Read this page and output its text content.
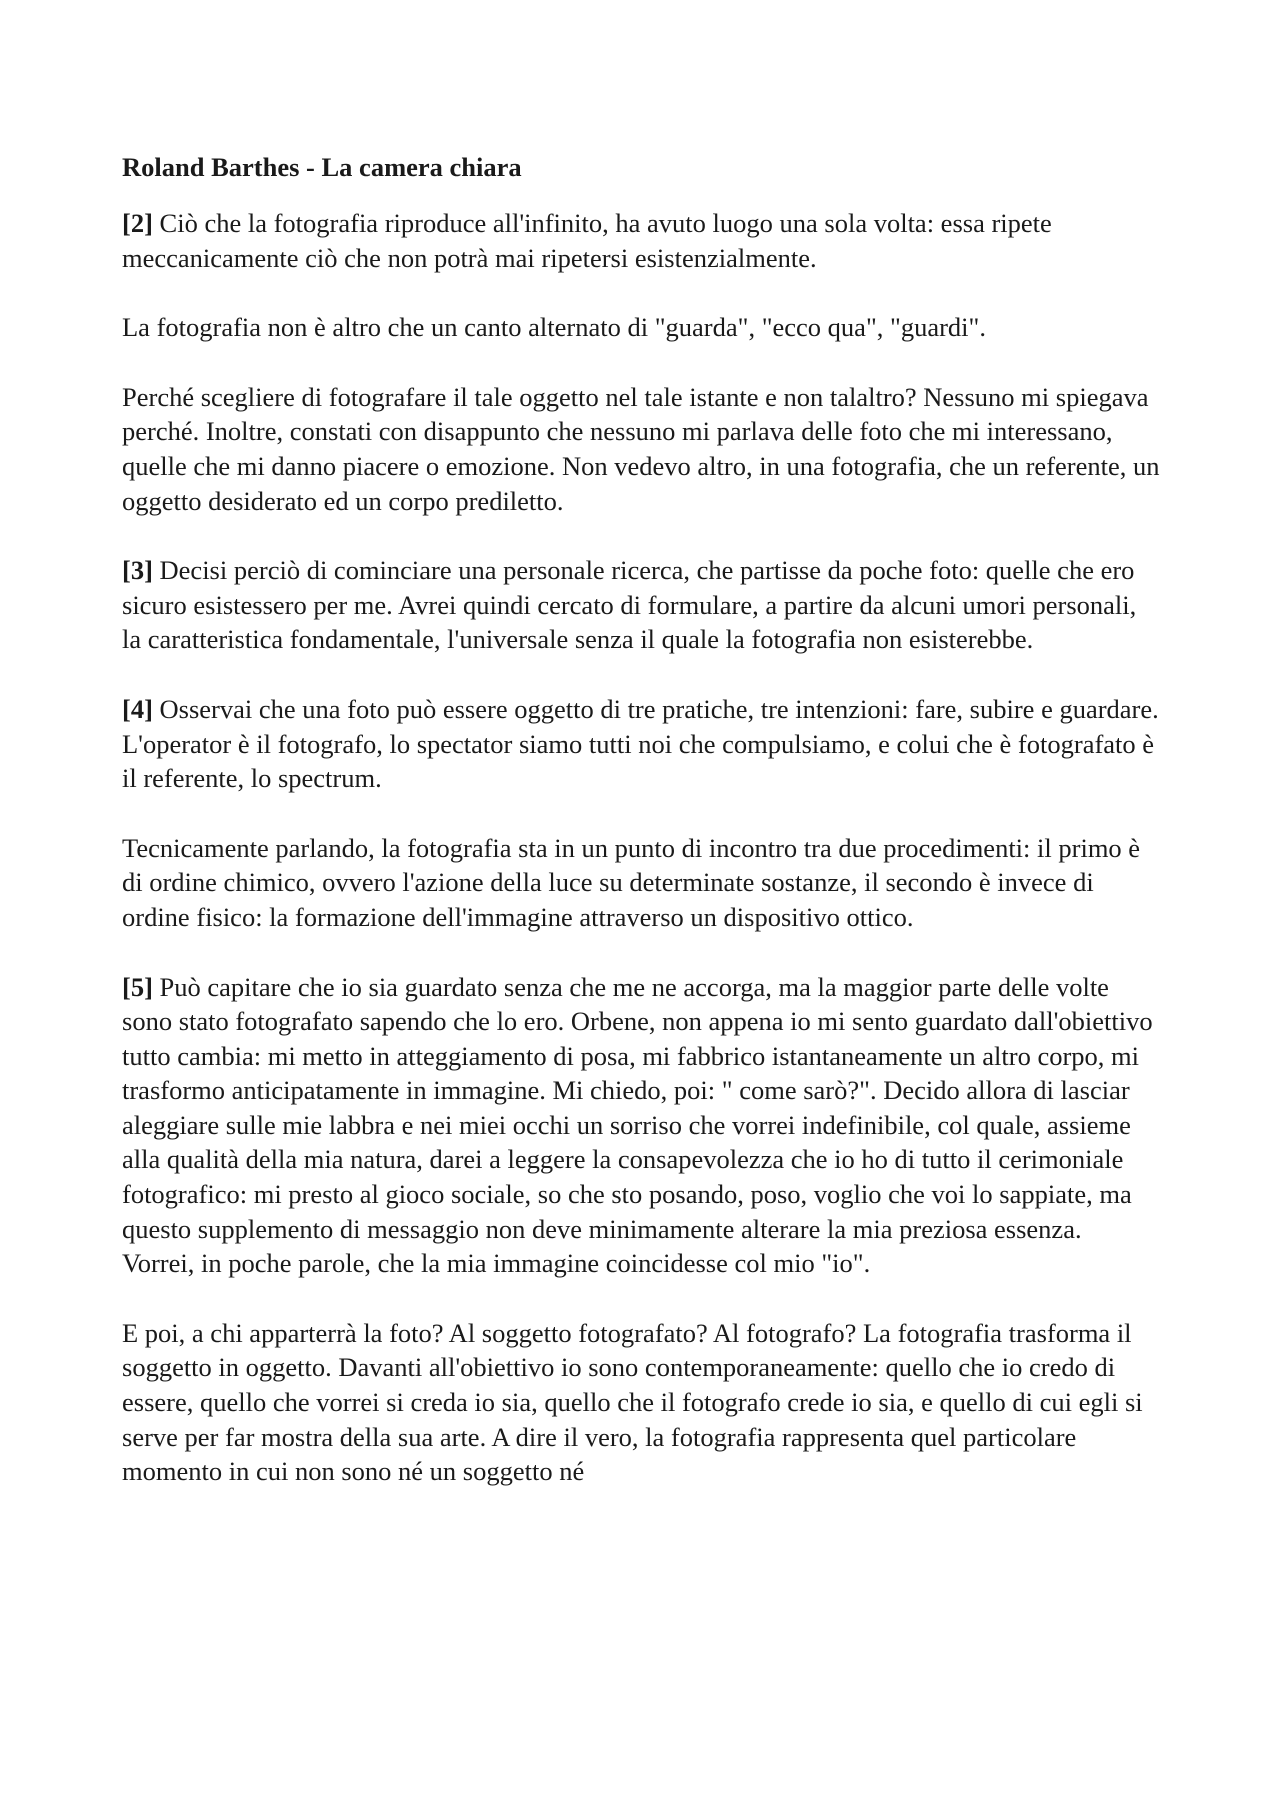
Roland Barthes - La camera chiara

[2] Ciò che la fotografia riproduce all'infinito, ha avuto luogo una sola volta: essa ripete meccanicamente ciò che non potrà mai ripetersi esistenzialmente.

La fotografia non è altro che un canto alternato di "guarda", "ecco qua", "guardi".

Perché scegliere di fotografare il tale oggetto nel tale istante e non talaltro? Nessuno mi spiegava perché. Inoltre, constati con disappunto che nessuno mi parlava delle foto che mi interessano, quelle che mi danno piacere o emozione. Non vedevo altro, in una fotografia, che un referente, un oggetto desiderato ed un corpo prediletto.

[3] Decisi perciò di cominciare una personale ricerca, che partisse da poche foto: quelle che ero sicuro esistessero per me. Avrei quindi cercato di formulare, a partire da alcuni umori personali, la caratteristica fondamentale, l'universale senza il quale la fotografia non esisterebbe.

[4] Osservai che una foto può essere oggetto di tre pratiche, tre intenzioni: fare, subire e guardare. L'operator è il fotografo, lo spectator siamo tutti noi che compulsiamo, e colui che è fotografato è il referente, lo spectrum.

Tecnicamente parlando, la fotografia sta in un punto di incontro tra due procedimenti: il primo è di ordine chimico, ovvero l'azione della luce su determinate sostanze, il secondo è invece di ordine fisico: la formazione dell'immagine attraverso un dispositivo ottico.

[5] Può capitare che io sia guardato senza che me ne accorga, ma la maggior parte delle volte sono stato fotografato sapendo che lo ero. Orbene, non appena io mi sento guardato dall'obiettivo tutto cambia: mi metto in atteggiamento di posa, mi fabbrico istantaneamente un altro corpo, mi trasformo anticipatamente in immagine. Mi chiedo, poi: " come sarò?". Decido allora di lasciar aleggiare sulle mie labbra e nei miei occhi un sorriso che vorrei indefinibile, col quale, assieme alla qualità della mia natura, darei a leggere la consapevolezza che io ho di tutto il cerimoniale fotografico: mi presto al gioco sociale, so che sto posando, poso, voglio che voi lo sappiate, ma questo supplemento di messaggio non deve minimamente alterare la mia preziosa essenza. Vorrei, in poche parole, che la mia immagine coincidesse col mio "io".

E poi, a chi apparterrà la foto? Al soggetto fotografato? Al fotografo? La fotografia trasforma il soggetto in oggetto. Davanti all'obiettivo io sono contemporaneamente: quello che io credo di essere, quello che vorrei si creda io sia, quello che il fotografo crede io sia, e quello di cui egli si serve per far mostra della sua arte. A dire il vero, la fotografia rappresenta quel particolare momento in cui non sono né un soggetto né
